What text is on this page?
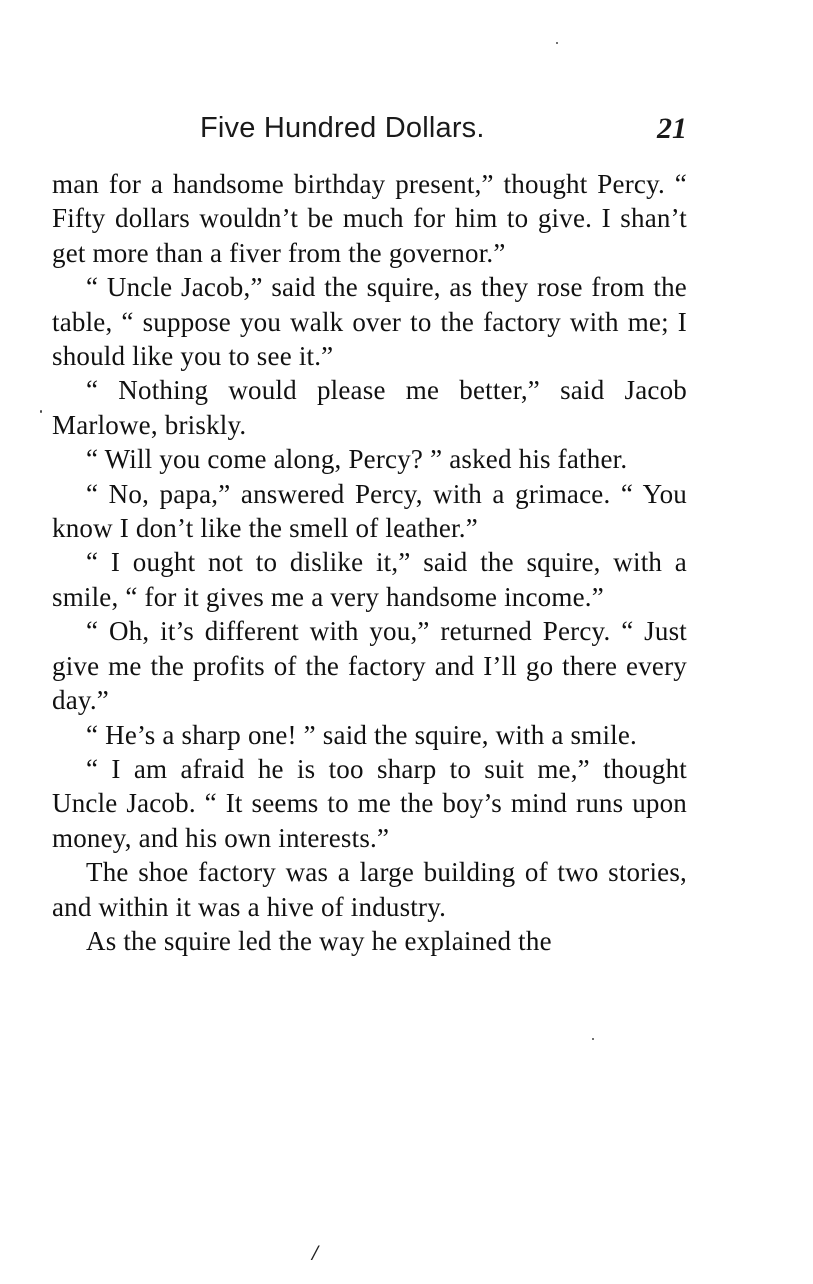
Five Hundred Dollars.	21

man for a handsome birthday present,” thought Percy. “ Fifty dollars wouldn’t be much for him to give. I shan’t get more than a fiver from the governor.”

“ Uncle Jacob,” said the squire, as they rose from the table, “ suppose you walk over to the factory with me; I should like you to see it.”

“ Nothing would please me better,” said Jacob Marlowe, briskly.

“ Will you come along, Percy? ” asked his father.

“ No, papa,” answered Percy, with a grimace. “ You know I don’t like the smell of leather.”

“ I ought not to dislike it,” said the squire, with a smile, “ for it gives me a very handsome income.”

“ Oh, it’s different with you,” returned Percy. “ Just give me the profits of the factory and I’ll go there every day.”

“ He’s a sharp one! ” said the squire, with a smile.

“ I am afraid he is too sharp to suit me,” thought Uncle Jacob. “ It seems to me the boy’s mind runs upon money, and his own interests.”

The shoe factory was a large building of two stories, and within it was a hive of industry.

As the squire led the way he explained the

/
